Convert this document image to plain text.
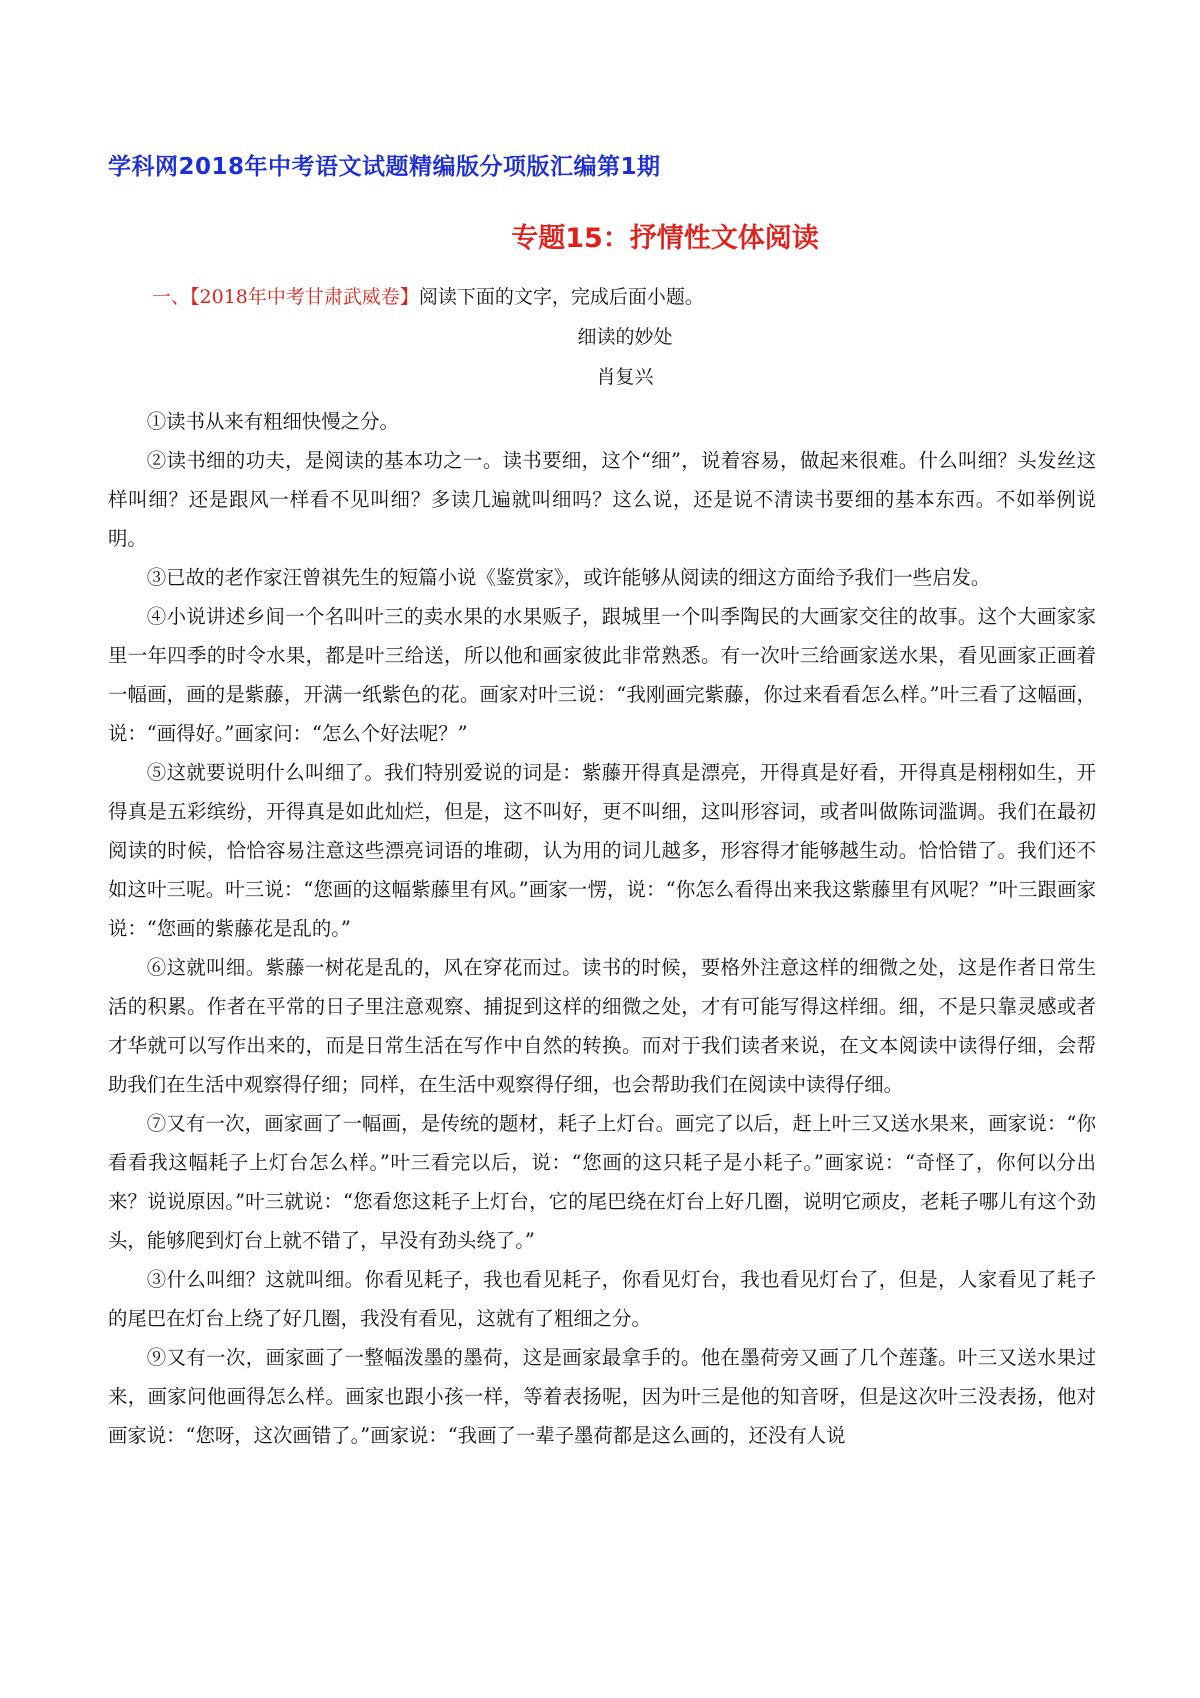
学科网2018年中考语文试题精编版分项版汇编第1期
专题15：抒情性文体阅读
一、【2018年中考甘肃武威卷】阅读下面的文字，完成后面小题。
细读的妙处
肖复兴

①读书从来有粗细快慢之分。

②读书细的功夫，是阅读的基本功之一。读书要细，这个“细”，说着容易，做起来很难。什么叫细？头发丝这样叫细？还是跟风一样看不见叫细？多读几遍就叫细吗？这么说，还是说不清读书要细的基本东西。不如举例说明。

③已故的老作家汪曾祺先生的短篇小说《鉴赏家》，或许能够从阅读的细这方面给予我们一些启发。

④小说讲述乡间一个名叫叶三的卖水果的水果贩子，跟城里一个叫季陶民的大画家交往的故事。这个大画家家里一年四季的时令水果，都是叶三给送，所以他和画家彼此非常熟悉。有一次叶三给画家送水果，看见画家正画着一幅画，画的是紫藤，开满一纸紫色的花。画家对叶三说：“我刚画完紫藤，你过来看看怎么样。”叶三看了这幅画，说：“画得好。”画家问：“怎么个好法呢？”

⑤这就要说明什么叫细了。我们特别爱说的词是：紫藤开得真是漂亮，开得真是好看，开得真是栩栩如生，开得真是五彩缤纷，开得真是如此灿烂，但是，这不叫好，更不叫细，这叫形容词，或者叫做陈词滥调。我们在最初阅读的时候，恰恰容易注意这些漂亮词语的堆砌，认为用的词儿越多，形容得才能够越生动。恰恰错了。我们还不如这叶三呢。叶三说：“您画的这幅紫藤里有风。”画家一愣，说：“你怎么看得出来我这紫藤里有风呢？”叶三跟画家说：“您画的紫藤花是乱的。”

⑥这就叫细。紫藤一树花是乱的，风在穿花而过。读书的时候，要格外注意这样的细微之处，这是作者日常生活的积累。作者在平常的日子里注意观察、捕捉到这样的细微之处，才有可能写得这样细。细，不是只靠灵感或者才华就可以写作出来的，而是日常生活在写作中自然的转换。而对于我们读者来说，在文本阅读中读得仔细，会帮助我们在生活中观察得仔细；同样，在生活中观察得仔细，也会帮助我们在阅读中读得仔细。

⑦又有一次，画家画了一幅画，是传统的题材，耗子上灯台。画完了以后，赶上叶三又送水果来，画家说：“你看看我这幅耗子上灯台怎么样。”叶三看完以后，说：“您画的这只耗子是小耗子。”画家说：“奇怪了，你何以分出来？说说原因。”叶三就说：“您看您这耗子上灯台，它的尾巴绕在灯台上好几圈，说明它顽皮，老耗子哪儿有这个劲头，能够爬到灯台上就不错了，早没有劲头绕了。”

③什么叫细？这就叫细。你看见耗子，我也看见耗子，你看见灯台，我也看见灯台了，但是，人家看见了耗子的尾巴在灯台上绕了好几圈，我没有看见，这就有了粗细之分。

⑨又有一次，画家画了一整幅泼墨的墨荷，这是画家最拿手的。他在墨荷旁又画了几个莲蓬。叶三又送水果过来，画家问他画得怎么样。画家也跟小孩一样，等着表扬呢，因为叶三是他的知音呀，但是这次叶三没表扬，他对画家说：“您呀，这次画错了。”画家说：“我画了一辈子墨荷都是这么画的，还没有人说
